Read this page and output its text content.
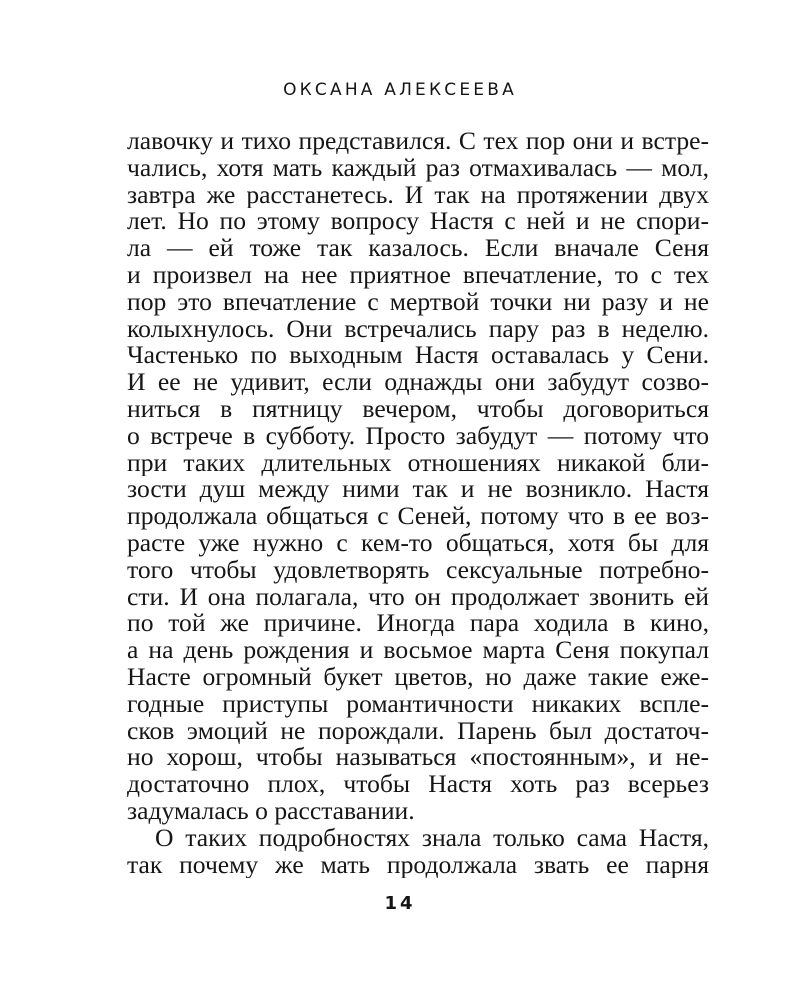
ОКСАНА АЛЕКСЕЕВА
лавочку и тихо представился. С тех пор они и встре-
чались, хотя мать каждый раз отмахивалась — мол,
завтра же расстанетесь. И так на протяжении двух
лет. Но по этому вопросу Настя с ней и не спори-
ла — ей тоже так казалось. Если вначале Сеня
и произвел на нее приятное впечатление, то с тех
пор это впечатление с мертвой точки ни разу и не
колыхнулось. Они встречались пару раз в неделю.
Частенько по выходным Настя оставалась у Сени.
И ее не удивит, если однажды они забудут созво-
ниться в пятницу вечером, чтобы договориться
о встрече в субботу. Просто забудут — потому что
при таких длительных отношениях никакой бли-
зости душ между ними так и не возникло. Настя
продолжала общаться с Сеней, потому что в ее воз-
расте уже нужно с кем-то общаться, хотя бы для
того чтобы удовлетворять сексуальные потребно-
сти. И она полагала, что он продолжает звонить ей
по той же причине. Иногда пара ходила в кино,
а на день рождения и восьмое марта Сеня покупал
Насте огромный букет цветов, но даже такие еже-
годные приступы романтичности никаких вспле-
сков эмоций не порождали. Парень был достаточ-
но хорош, чтобы называться «постоянным», и не-
достаточно плох, чтобы Настя хоть раз всерьез
задумалась о расставании.
О таких подробностях знала только сама Настя,
так почему же мать продолжала звать ее парня
14
